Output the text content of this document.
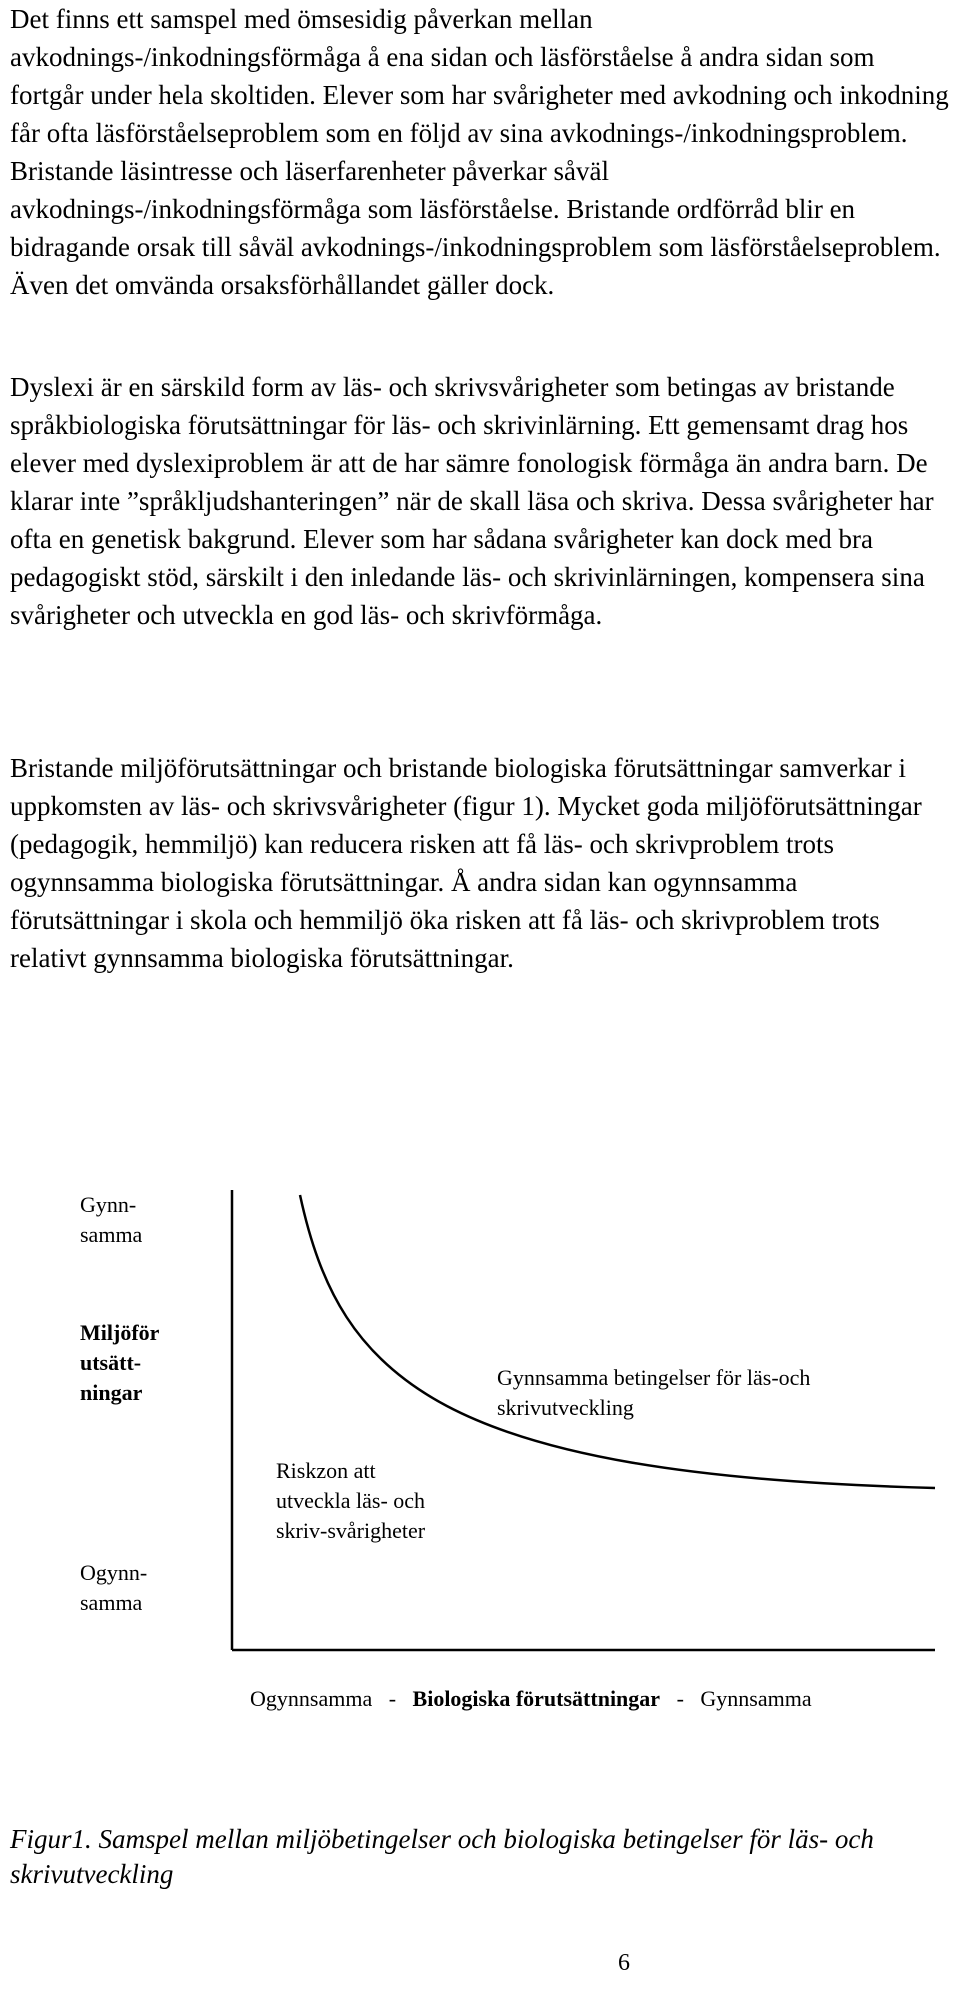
Det finns ett samspel med ömsesidig påverkan mellan avkodnings-/inkodningsförmåga å ena sidan och läsförståelse å andra sidan som fortgår under hela skoltiden. Elever som har svårigheter med avkodning och inkodning får ofta läsförståelseproblem som en följd av sina avkodnings-/inkodningsproblem. Bristande läsintresse och läserfarenheter påverkar såväl avkodnings-/inkodningsförmåga som läsförståelse. Bristande ordförråd blir en bidragande orsak till såväl avkodnings-/inkodningsproblem som läsförståelseproblem. Även det omvända orsaksförhållandet gäller dock.

Dyslexi är en särskild form av läs- och skrivsvårigheter som betingas av bristande språkbiologiska förutsättningar för läs- och skrivinlärning. Ett gemensamt drag hos elever med dyslexiproblem är att de har sämre fonologisk förmåga än andra barn. De klarar inte ”språkljudshanteringen” när de skall läsa och skriva. Dessa svårigheter har ofta en genetisk bakgrund. Elever som har sådana svårigheter kan dock med bra pedagogiskt stöd, särskilt i den inledande läs- och skrivinlärningen, kompensera sina svårigheter och utveckla en god läs- och skrivförmåga.

Bristande miljöförutsättningar och bristande biologiska förutsättningar samverkar i uppkomsten av läs- och skrivsvårigheter (figur 1). Mycket goda miljöförutsättningar (pedagogik, hemmiljö) kan reducera risken att få läs- och skrivproblem trots ogynnsamma biologiska förutsättningar. Å andra sidan kan ogynnsamma förutsättningar i skola och hemmiljö öka risken att få läs- och skrivproblem trots relativt gynnsamma biologiska förutsättningar.

Gynn-samma
Miljöför utsätt-ningar
Ogynn-samma
Gynnsamma betingelser för läs-och skrivutveckling
Riskzon att utveckla läs- och skriv-svårigheter
Ogynnsamma - Biologiska förutsättningar - Gynnsamma

Figur1. Samspel mellan miljöbetingelser och biologiska betingelser för läs- och skrivutveckling

6
